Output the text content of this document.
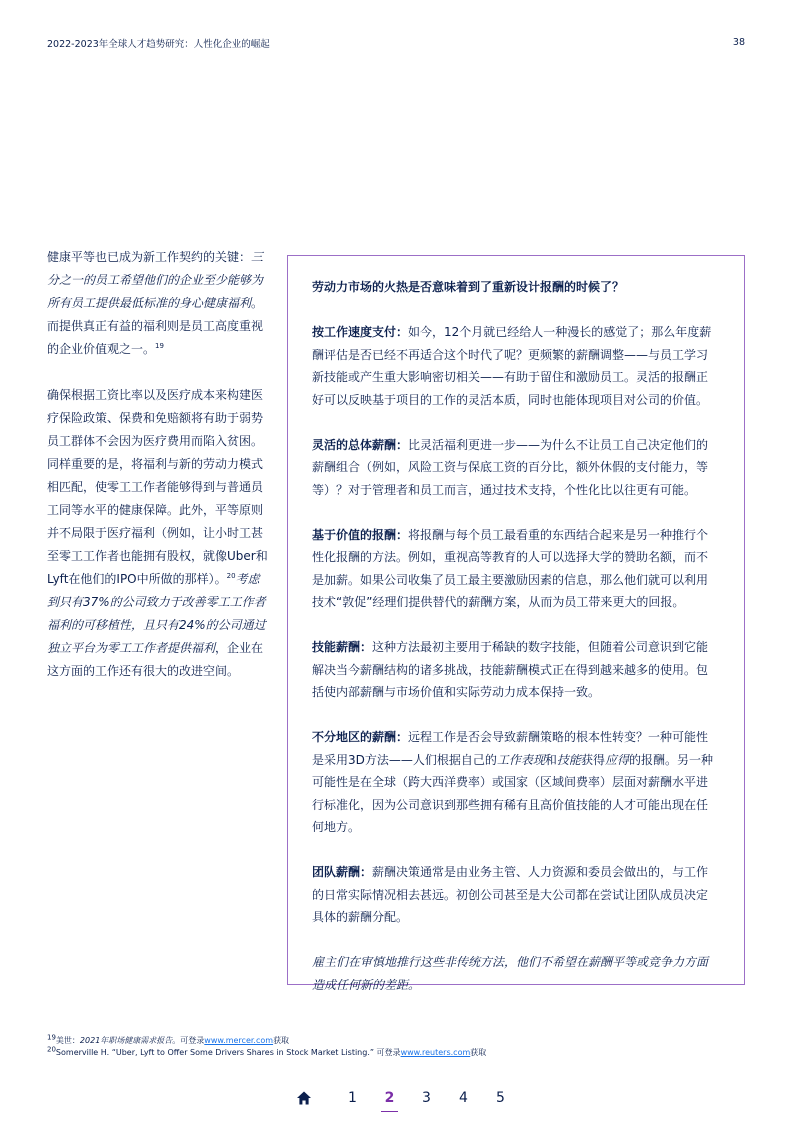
2022-2023年全球人才趋势研究：人性化企业的崛起	38

健康平等也已成为新工作契约的关键：三分之一的员工希望他们的企业至少能够为所有员工提供最低标准的身心健康福利。而提供真正有益的福利则是员工高度重视的企业价值观之一。$^{19}$

确保根据工资比率以及医疗成本来构建医疗保险政策、保费和免赔额将有助于弱势员工群体不会因为医疗费用而陷入贫困。同样重要的是，将福利与新的劳动力模式相匹配，使零工工作者能够得到与普通员工同等水平的健康保障。此外，平等原则并不局限于医疗福利（例如，让小时工甚至零工工作者也能拥有股权，就像Uber和Lyft在他们的IPO中所做的那样）。$^{20}$考虑到只有37%的公司致力于改善零工工作者福利的可移植性，且只有24%的公司通过独立平台为零工工作者提供福利，企业在这方面的工作还有很大的改进空间。

劳动力市场的火热是否意味着到了重新设计报酬的时候了？

按工作速度支付：如今，12个月就已经给人一种漫长的感觉了；那么年度薪酬评估是否已经不再适合这个时代了呢？更频繁的薪酬调整——与员工学习新技能或产生重大影响密切相关——有助于留住和激励员工。灵活的报酬正好可以反映基于项目的工作的灵活本质，同时也能体现项目对公司的价值。

灵活的总体薪酬：比灵活福利更进一步——为什么不让员工自己决定他们的薪酬组合（例如，风险工资与保底工资的百分比，额外休假的支付能力，等等）？对于管理者和员工而言，通过技术支持，个性化比以往更有可能。

基于价值的报酬：将报酬与每个员工最看重的东西结合起来是另一种推行个性化报酬的方法。例如，重视高等教育的人可以选择大学的赞助名额，而不是加薪。如果公司收集了员工最主要激励因素的信息，那么他们就可以利用技术“敦促”经理们提供替代的薪酬方案，从而为员工带来更大的回报。

技能薪酬：这种方法最初主要用于稀缺的数字技能，但随着公司意识到它能解决当今薪酬结构的诸多挑战，技能薪酬模式正在得到越来越多的使用。包括使内部薪酬与市场价值和实际劳动力成本保持一致。

不分地区的薪酬：远程工作是否会导致薪酬策略的根本性转变？一种可能性是采用3D方法——人们根据自己的工作表现和技能获得应得的报酬。另一种可能性是在全球（跨大西洋费率）或国家（区域间费率）层面对薪酬水平进行标准化，因为公司意识到那些拥有稀有且高价值技能的人才可能出现在任何地方。

团队薪酬：薪酬决策通常是由业务主管、人力资源和委员会做出的，与工作的日常实际情况相去甚远。初创公司甚至是大公司都在尝试让团队成员决定具体的薪酬分配。

雇主们在审慎地推行这些非传统方法，他们不希望在薪酬平等或竞争力方面造成任何新的差距。

$^{19}$美世：2021年职场健康需求报告。可登录www.mercer.com获取

$^{20}$Somerville H. “Uber, Lyft to Offer Some Drivers Shares in Stock Market Listing.” 可登录www.reuters.com获取

1	2	3	4	5
